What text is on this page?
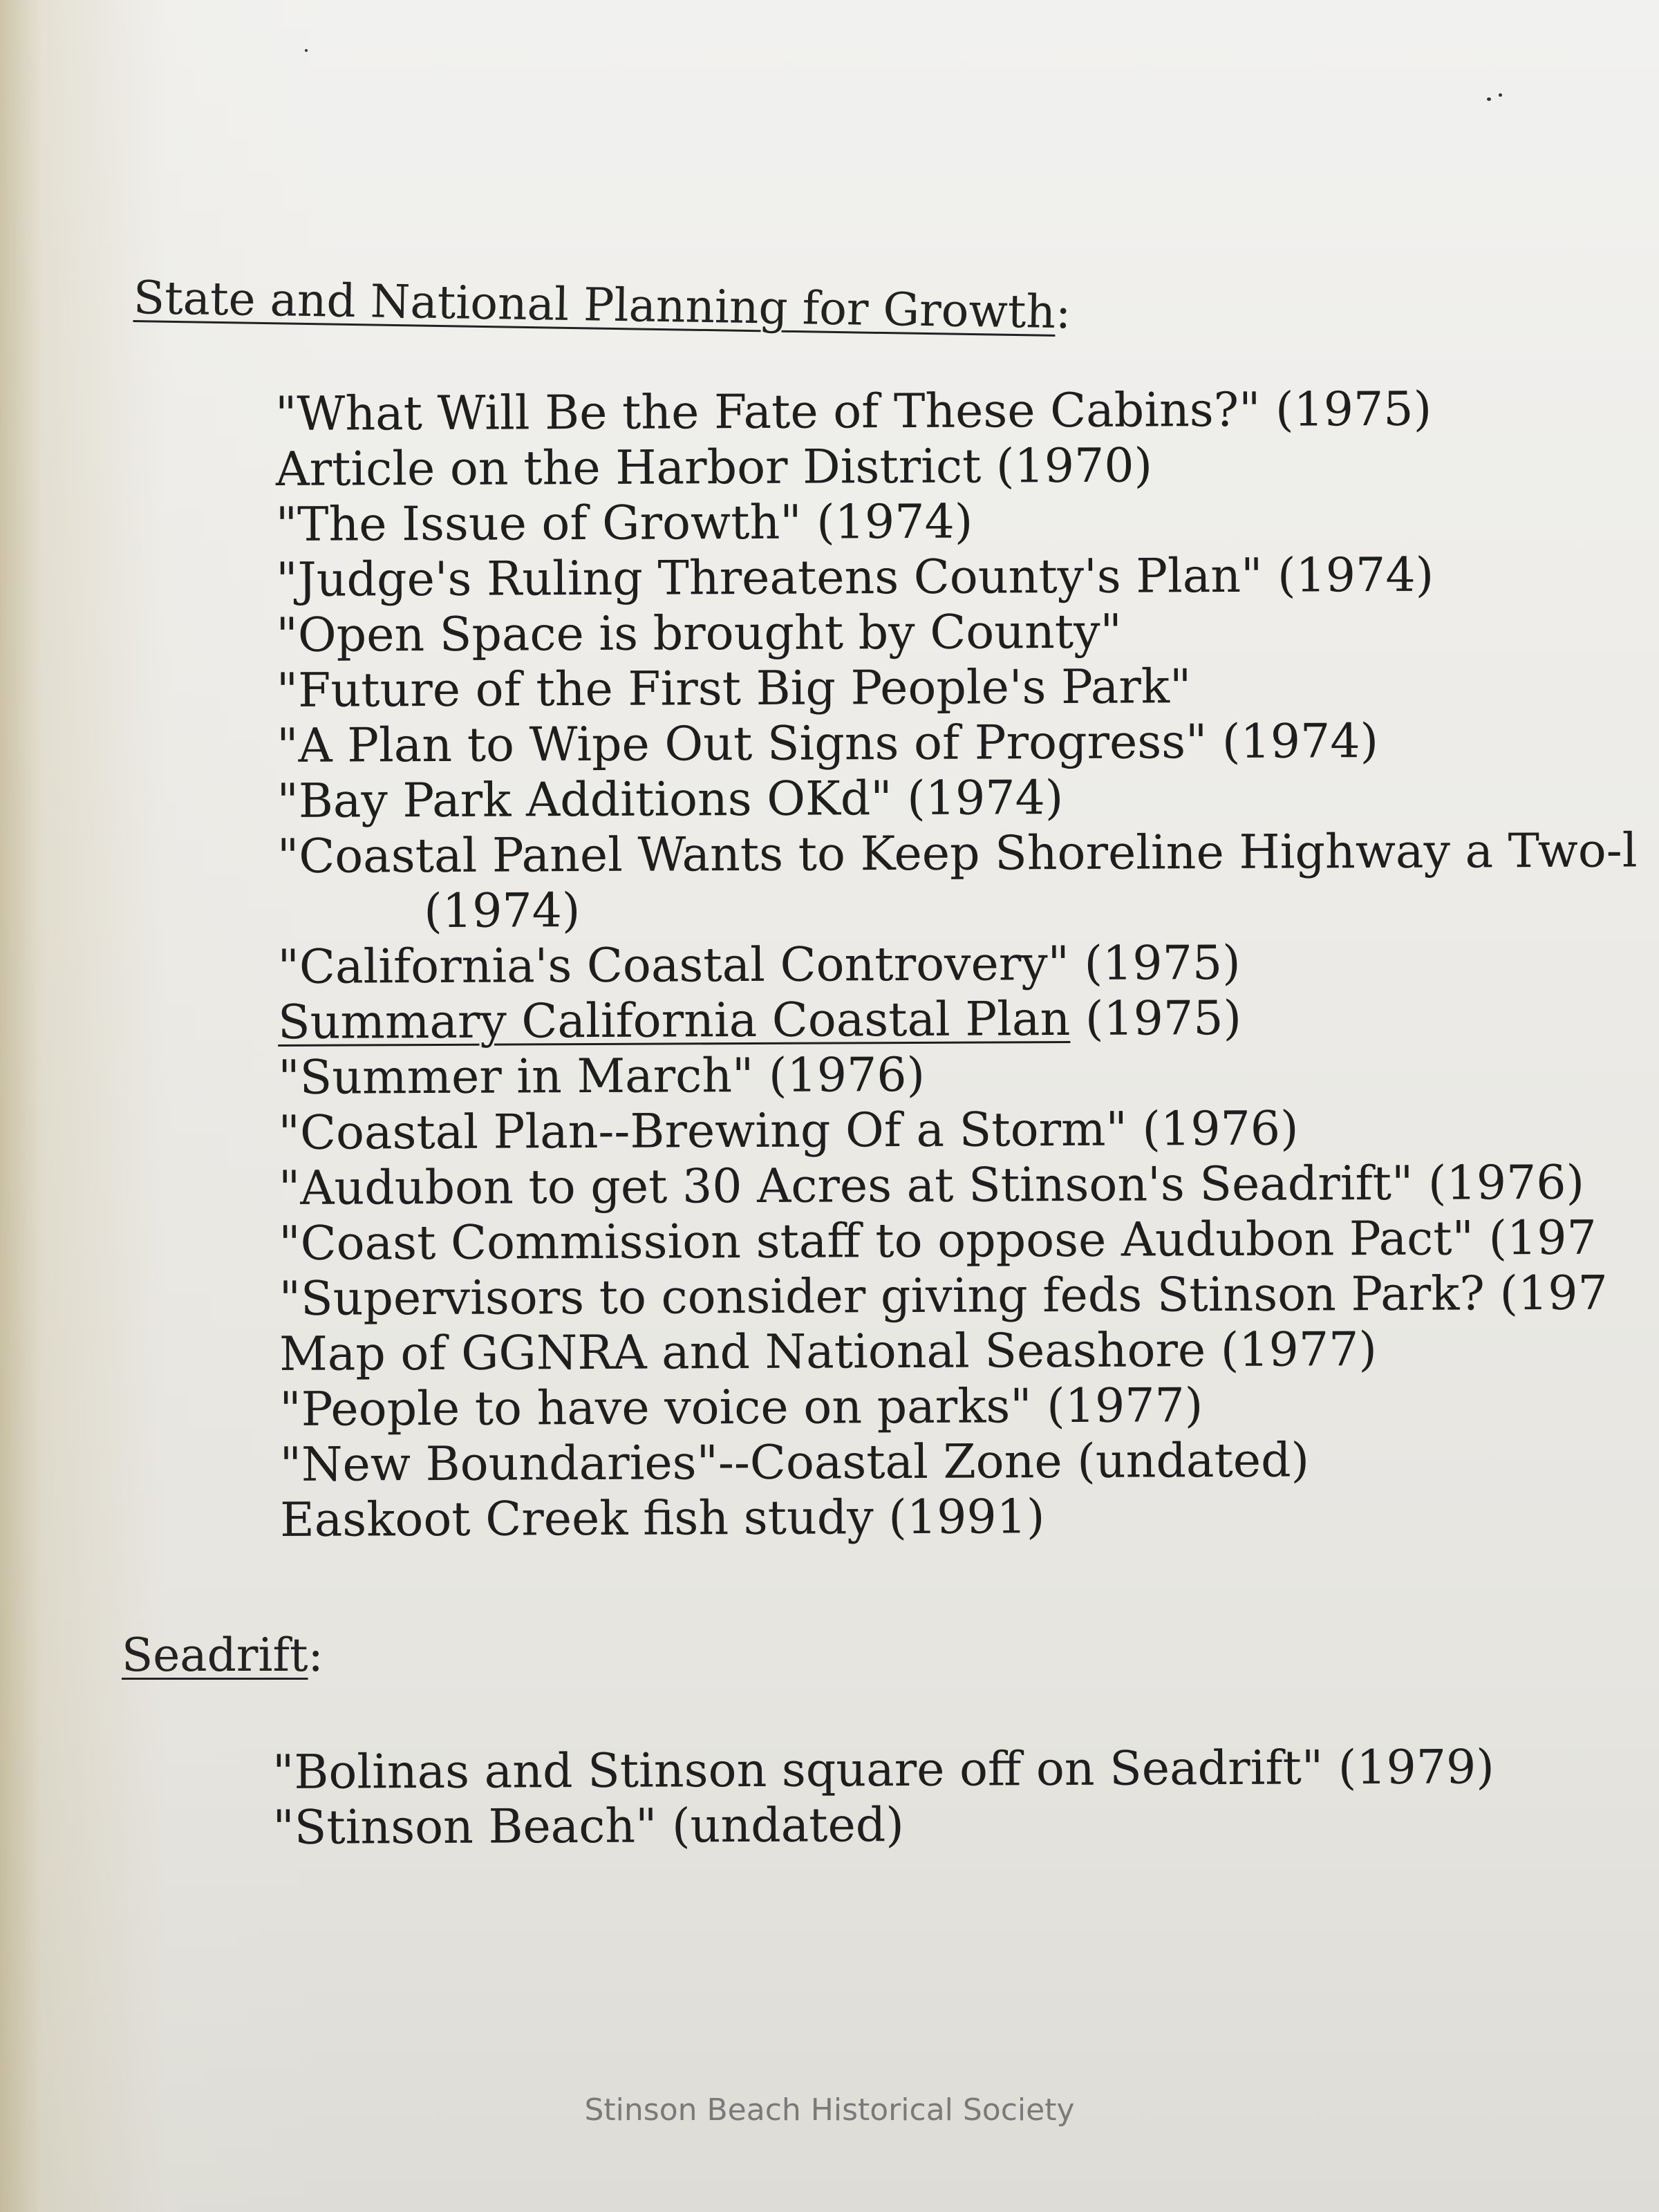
State and National Planning for Growth:
"What Will Be the Fate of These Cabins?" (1975)
Article on the Harbor District (1970)
"The Issue of Growth" (1974)
"Judge's Ruling Threatens County's Plan" (1974)
"Open Space is brought by County"
"Future of the First Big People's Park"
"A Plan to Wipe Out Signs of Progress" (1974)
"Bay Park Additions OKd" (1974)
"Coastal Panel Wants to Keep Shoreline Highway a Two-l
(1974)
"California's Coastal Controvery" (1975)
Summary California Coastal Plan (1975)
"Summer in March" (1976)
"Coastal Plan--Brewing Of a Storm" (1976)
"Audubon to get 30 Acres at Stinson's Seadrift" (1976)
"Coast Commission staff to oppose Audubon Pact" (197
"Supervisors to consider giving feds Stinson Park? (197
Map of GGNRA and National Seashore (1977)
"People to have voice on parks" (1977)
"New Boundaries"--Coastal Zone (undated)
Easkoot Creek fish study (1991)
Seadrift:
"Bolinas and Stinson square off on Seadrift" (1979)
"Stinson Beach" (undated)
Stinson Beach Historical Society
